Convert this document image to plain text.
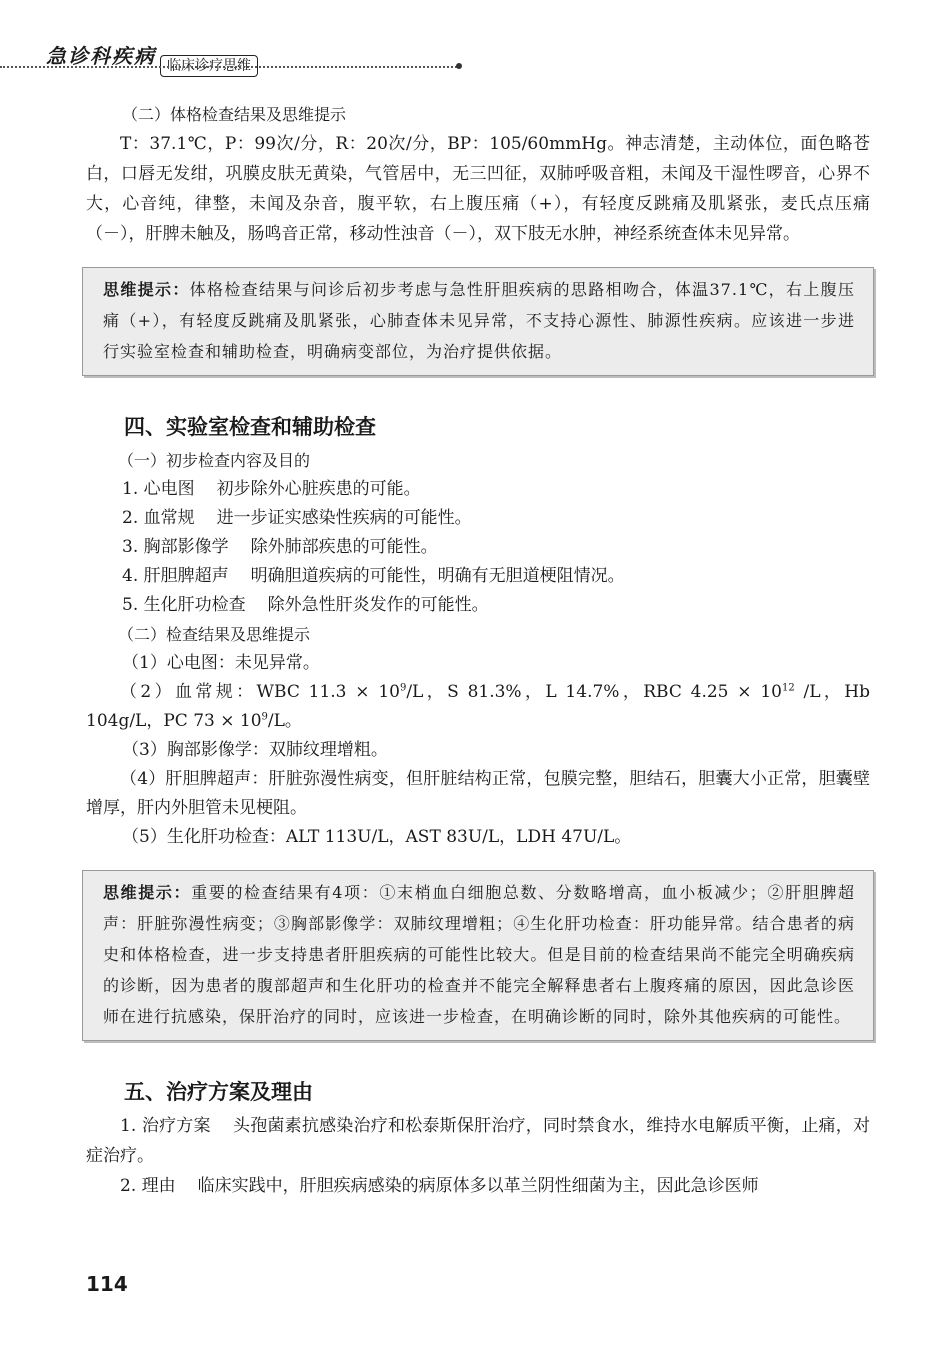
急诊科疾病 临床诊疗思维

（二）体格检查结果及思维提示

T：37.1℃，P：99次/分，R：20次/分，BP：105/60mmHg。神志清楚，主动体位，面色略苍白，口唇无发绀，巩膜皮肤无黄染，气管居中，无三凹征，双肺呼吸音粗，未闻及干湿性啰音，心界不大，心音纯，律整，未闻及杂音，腹平软，右上腹压痛（+），有轻度反跳痛及肌紧张，麦氏点压痛（－），肝脾未触及，肠鸣音正常，移动性浊音（－），双下肢无水肿，神经系统查体未见异常。

思维提示：体格检查结果与问诊后初步考虑与急性肝胆疾病的思路相吻合，体温37.1℃，右上腹压痛（+），有轻度反跳痛及肌紧张，心肺查体未见异常，不支持心源性、肺源性疾病。应该进一步进行实验室检查和辅助检查，明确病变部位，为治疗提供依据。

四、实验室检查和辅助检查

（一）初步检查内容及目的

1. 心电图 初步除外心脏疾患的可能。

2. 血常规 进一步证实感染性疾病的可能性。

3. 胸部影像学 除外肺部疾患的可能性。

4. 肝胆脾超声 明确胆道疾病的可能性，明确有无胆道梗阻情况。

5. 生化肝功检查 除外急性肝炎发作的可能性。

（二）检查结果及思维提示

（1）心电图：未见异常。

（2）血常规：WBC $11.3 \times 10^9/L$，S 81.3%，L 14.7%，RBC $4.25 \times 10^{12}$ /L，Hb 104g/L，PC $73 \times 10^9/L$。

（3）胸部影像学：双肺纹理增粗。

（4）肝胆脾超声：肝脏弥漫性病变，但肝脏结构正常，包膜完整，胆结石，胆囊大小正常，胆囊壁增厚，肝内外胆管未见梗阻。

（5）生化肝功检查：ALT 113U/L，AST 83U/L，LDH 47U/L。

思维提示：重要的检查结果有4项：①末梢血白细胞总数、分数略增高，血小板减少；②肝胆脾超声：肝脏弥漫性病变；③胸部影像学：双肺纹理增粗；④生化肝功检查：肝功能异常。结合患者的病史和体格检查，进一步支持患者肝胆疾病的可能性比较大。但是目前的检查结果尚不能完全明确疾病的诊断，因为患者的腹部超声和生化肝功的检查并不能完全解释患者右上腹疼痛的原因，因此急诊医师在进行抗感染，保肝治疗的同时，应该进一步检查，在明确诊断的同时，除外其他疾病的可能性。

五、治疗方案及理由

1. 治疗方案 头孢菌素抗感染治疗和松泰斯保肝治疗，同时禁食水，维持水电解质平衡，止痛，对症治疗。

2. 理由 临床实践中，肝胆疾病感染的病原体多以革兰阴性细菌为主，因此急诊医师

114
